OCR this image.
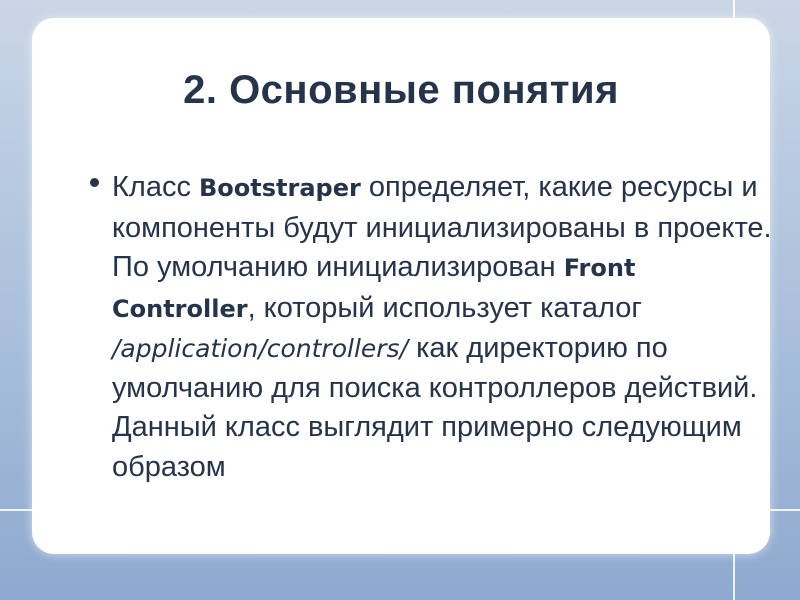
2. Основные понятия
Класс Bootstraper определяет, какие ресурсы и компоненты будут инициализированы в проекте. По умолчанию инициализирован Front Controller, который использует каталог /application/controllers/ как директорию по умолчанию для поиска контроллеров действий. Данный класс выглядит примерно следующим образом
